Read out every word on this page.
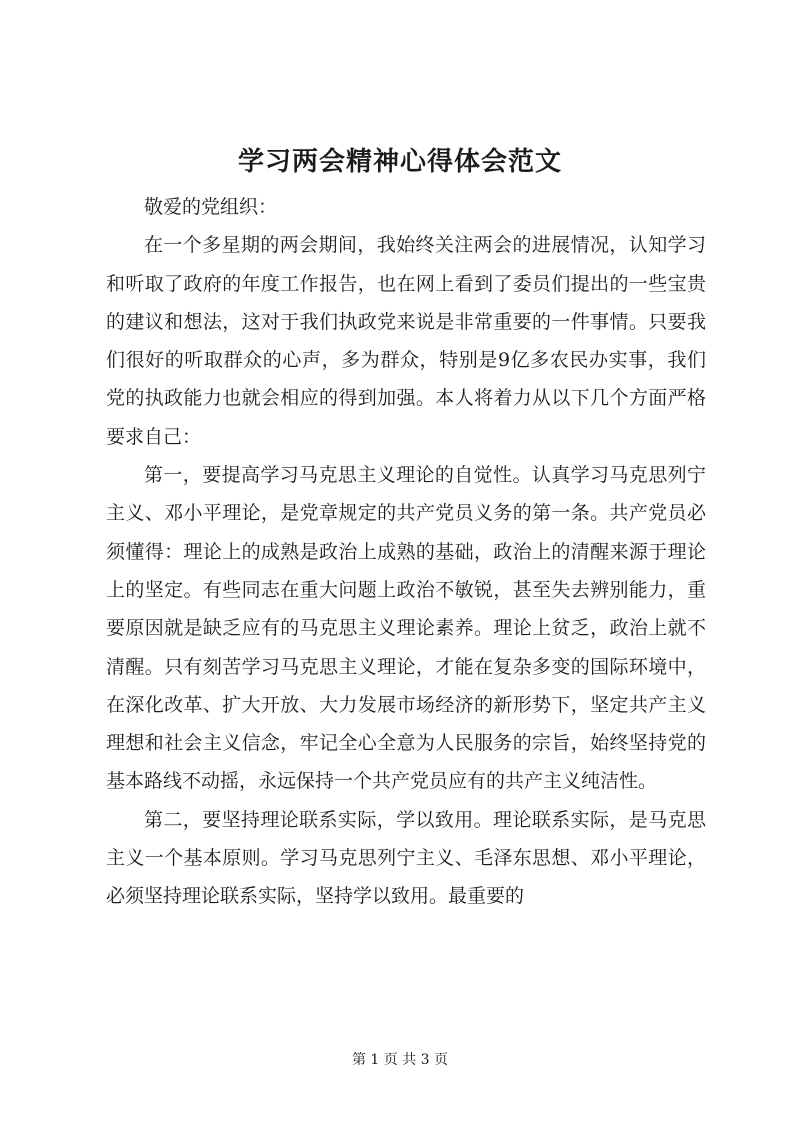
学习两会精神心得体会范文

敬爱的党组织：

在一个多星期的两会期间，我始终关注两会的进展情况，认知学习和听取了政府的年度工作报告，也在网上看到了委员们提出的一些宝贵的建议和想法，这对于我们执政党来说是非常重要的一件事情。只要我们很好的听取群众的心声，多为群众，特别是9亿多农民办实事，我们党的执政能力也就会相应的得到加强。本人将着力从以下几个方面严格要求自己：

第一，要提高学习马克思主义理论的自觉性。认真学习马克思列宁主义、邓小平理论，是党章规定的共产党员义务的第一条。共产党员必须懂得：理论上的成熟是政治上成熟的基础，政治上的清醒来源于理论上的坚定。有些同志在重大问题上政治不敏锐，甚至失去辨别能力，重要原因就是缺乏应有的马克思主义理论素养。理论上贫乏，政治上就不清醒。只有刻苦学习马克思主义理论，才能在复杂多变的国际环境中，在深化改革、扩大开放、大力发展市场经济的新形势下，坚定共产主义理想和社会主义信念，牢记全心全意为人民服务的宗旨，始终坚持党的基本路线不动摇，永远保持一个共产党员应有的共产主义纯洁性。

第二，要坚持理论联系实际，学以致用。理论联系实际，是马克思主义一个基本原则。学习马克思列宁主义、毛泽东思想、邓小平理论，必须坚持理论联系实际，坚持学以致用。最重要的

第 1 页 共 3 页
